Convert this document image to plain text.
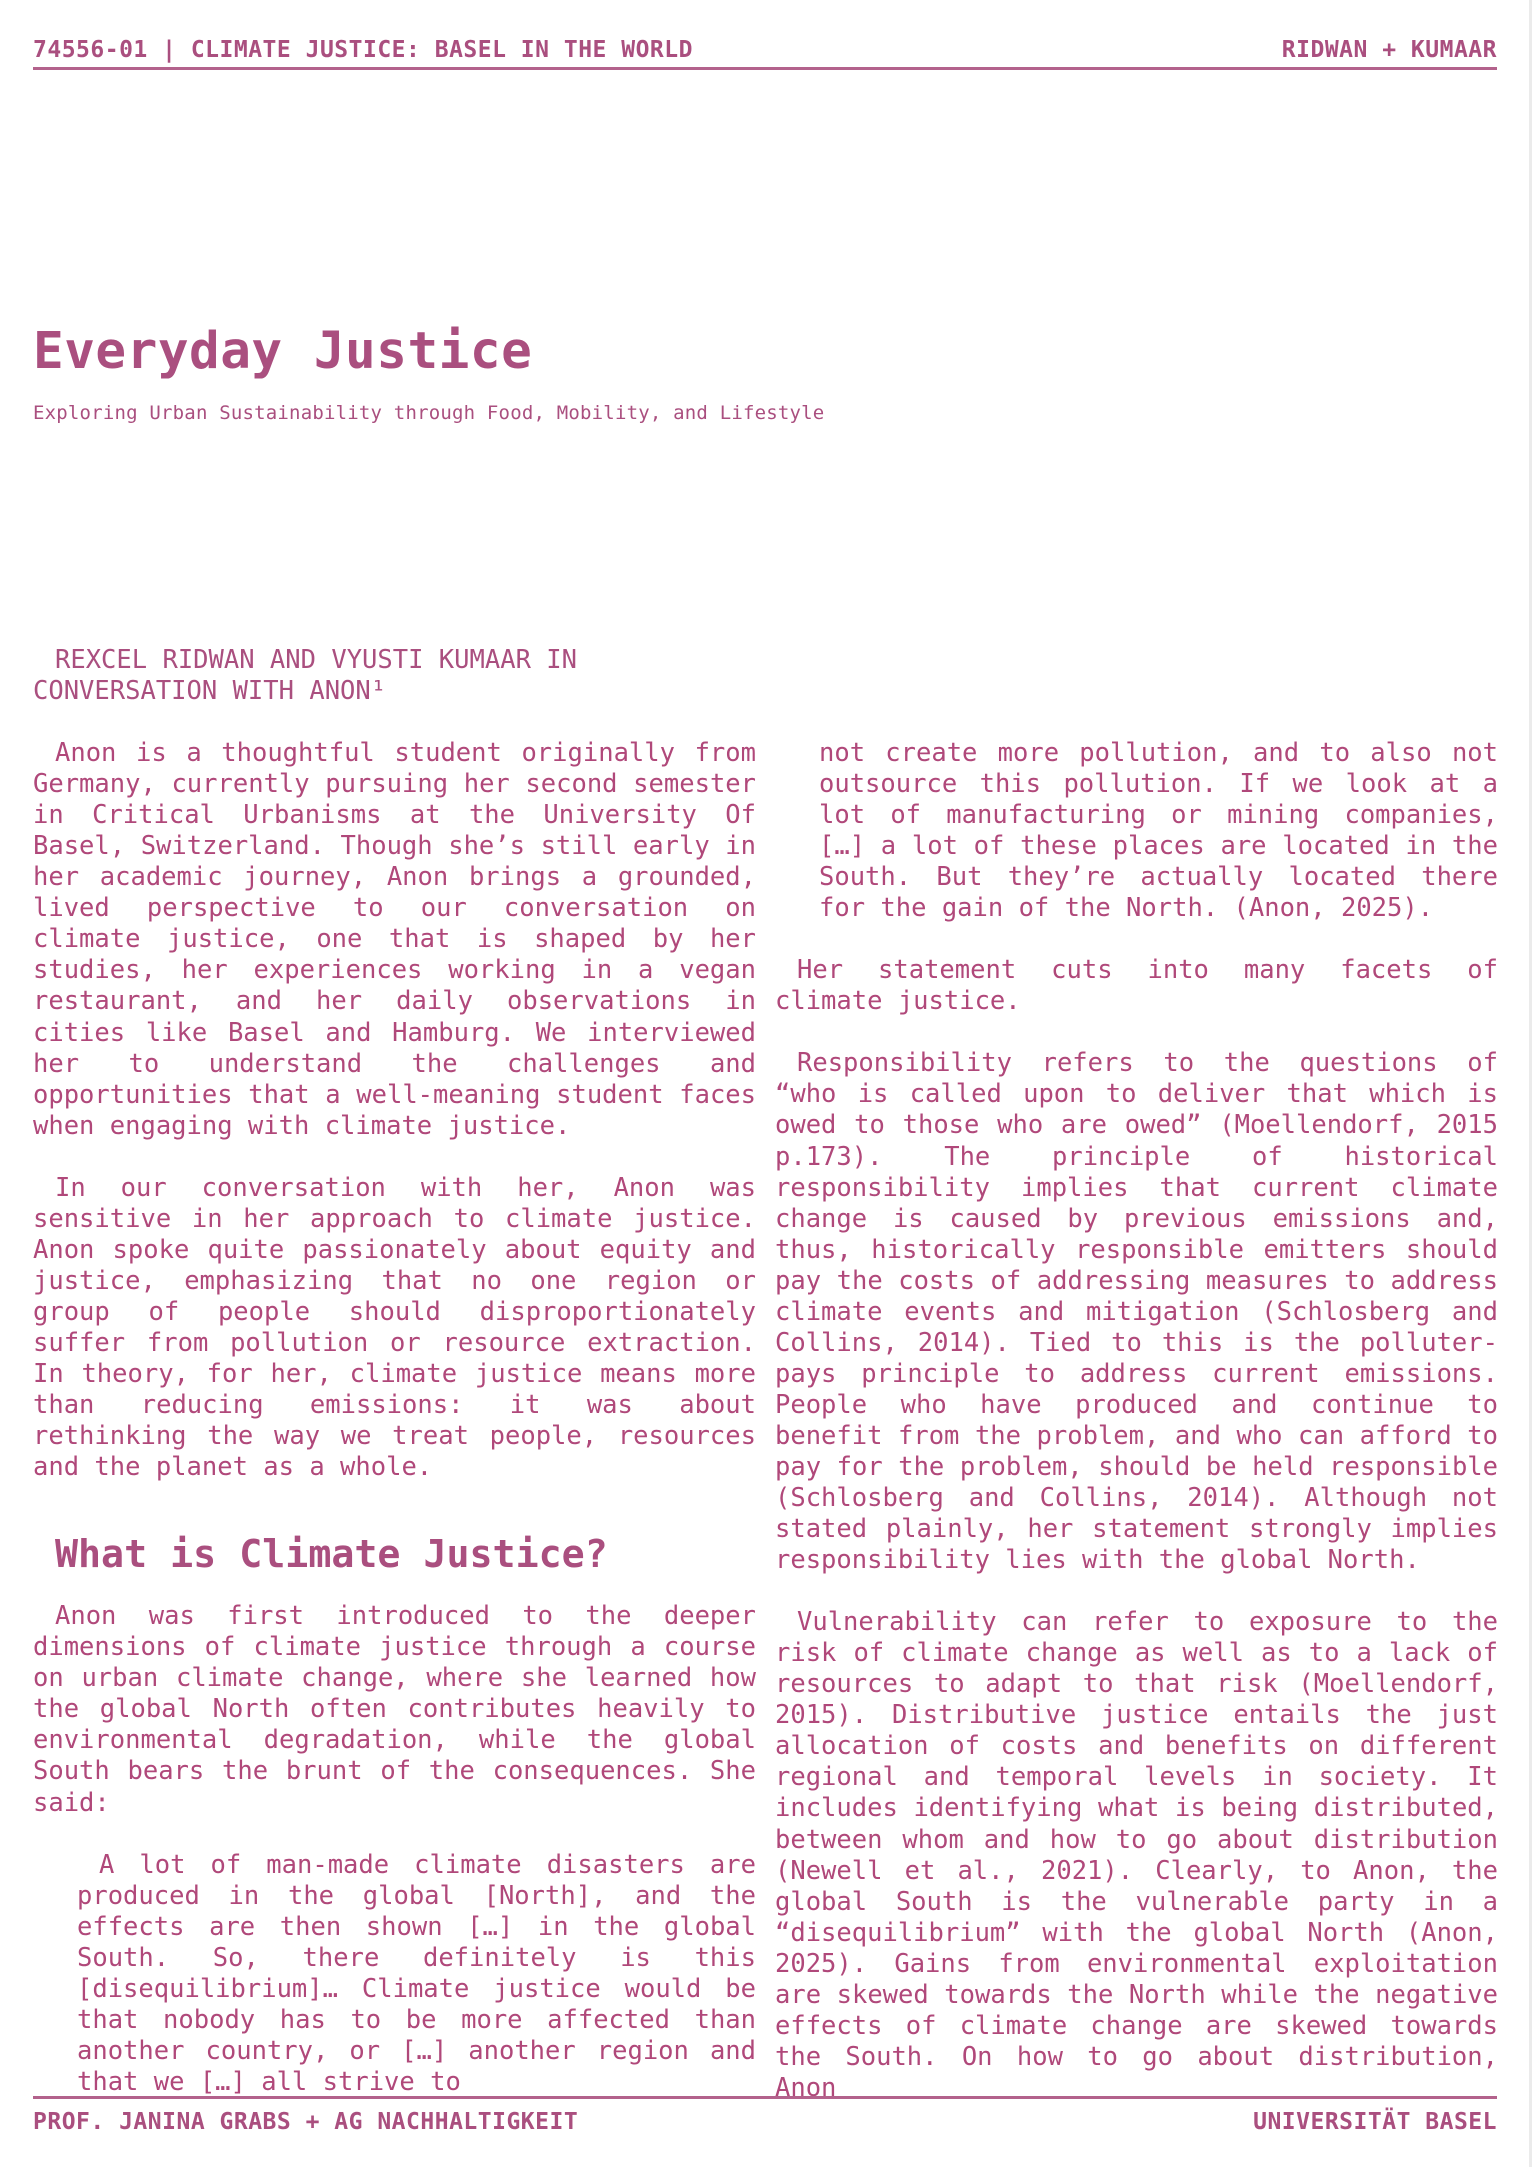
74556-01 | CLIMATE JUSTICE: BASEL IN THE WORLD	RIDWAN + KUMAAR
Everyday Justice
Exploring Urban Sustainability through Food, Mobility, and Lifestyle

REXCEL RIDWAN AND VYUSTI KUMAAR IN CONVERSATION WITH ANON¹

Anon is a thoughtful student originally from Germany, currently pursuing her second semester in Critical Urbanisms at the University Of Basel, Switzerland. Though she’s still early in her academic journey, Anon brings a grounded, lived perspective to our conversation on climate justice, one that is shaped by her studies, her experiences working in a vegan restaurant, and her daily observations in cities like Basel and Hamburg. We interviewed her to understand the challenges and opportunities that a well-meaning student faces when engaging with climate justice.

In our conversation with her, Anon was sensitive in her approach to climate justice. Anon spoke quite passionately about equity and justice, emphasizing that no one region or group of people should disproportionately suffer from pollution or resource extraction. In theory, for her, climate justice means more than reducing emissions: it was about rethinking the way we treat people, resources and the planet as a whole.

What is Climate Justice?

Anon was first introduced to the deeper dimensions of climate justice through a course on urban climate change, where she learned how the global North often contributes heavily to environmental degradation, while the global South bears the brunt of the consequences. She said:

A lot of man-made climate disasters are produced in the global [North], and the effects are then shown […] in the global South. So, there definitely is this [disequilibrium]… Climate justice would be that nobody has to be more affected than another country, or […] another region and that we […] all strive to

not create more pollution, and to also not outsource this pollution. If we look at a lot of manufacturing or mining companies, […] a lot of these places are located in the South. But they’re actually located there for the gain of the North. (Anon, 2025).

Her statement cuts into many facets of climate justice.

Responsibility refers to the questions of “who is called upon to deliver that which is owed to those who are owed” (Moellendorf, 2015 p.173). The principle of historical responsibility implies that current climate change is caused by previous emissions and, thus, historically responsible emitters should pay the costs of addressing measures to address climate events and mitigation (Schlosberg and Collins, 2014). Tied to this is the polluter-pays principle to address current emissions. People who have produced and continue to benefit from the problem, and who can afford to pay for the problem, should be held responsible (Schlosberg and Collins, 2014). Although not stated plainly, her statement strongly implies responsibility lies with the global North.

Vulnerability can refer to exposure to the risk of climate change as well as to a lack of resources to adapt to that risk (Moellendorf, 2015). Distributive justice entails the just allocation of costs and benefits on different regional and temporal levels in society. It includes identifying what is being distributed, between whom and how to go about distribution (Newell et al., 2021). Clearly, to Anon, the global South is the vulnerable party in a “disequilibrium” with the global North (Anon, 2025). Gains from environmental exploitation are skewed towards the North while the negative effects of climate change are skewed towards the South. On how to go about distribution, Anon

PROF. JANINA GRABS + AG NACHHALTIGKEIT	UNIVERSITÄT BASEL
